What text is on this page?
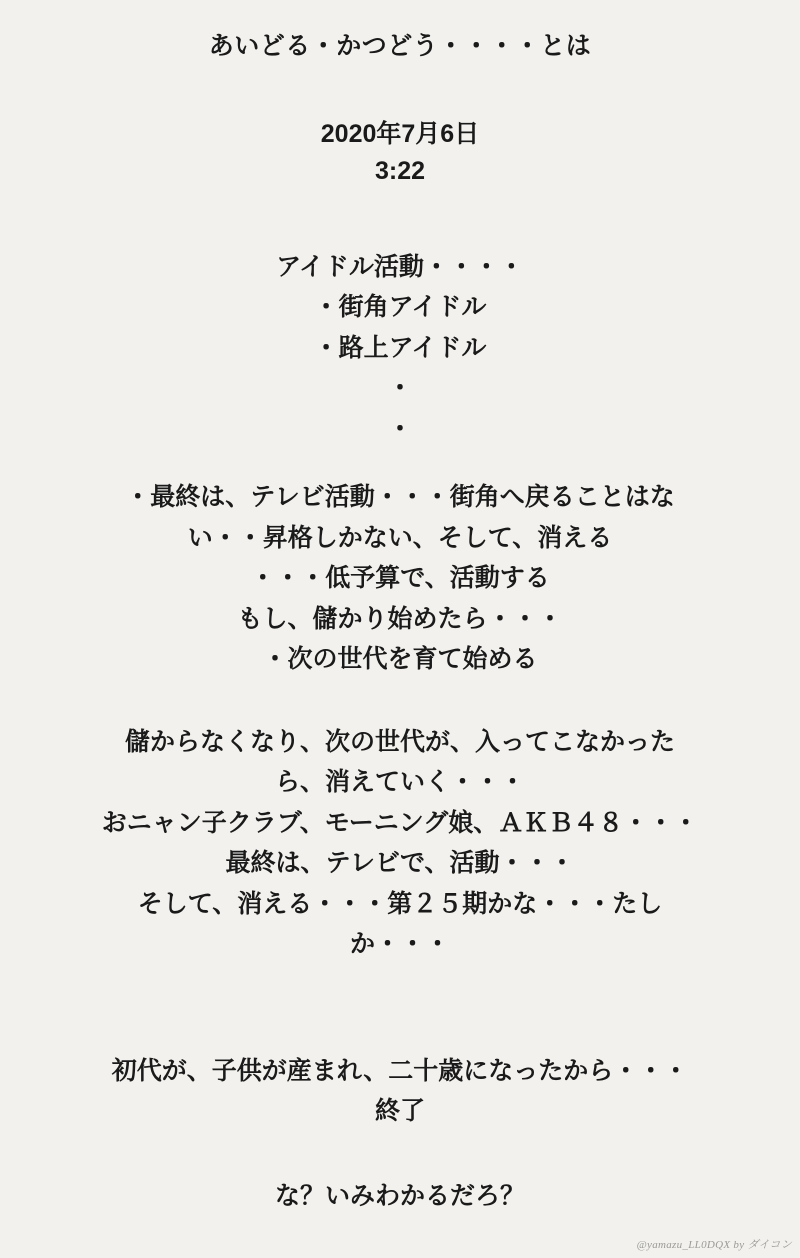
あいどる・かつどう・・・・とは
2020年7月6日
3:22

アイドル活動・・・・

・街角アイドル

・路上アイドル

・

・

・最終は、テレビ活動・・・街角へ戻ることはな

い・・昇格しかない、そして、消える

・・・低予算で、活動する

もし、儲かり始めたら・・・

・次の世代を育て始める

儲からなくなり、次の世代が、入ってこなかった

ら、消えていく・・・

おニャン子クラブ、モーニング娘、ＡＫＢ４８・・・

最終は、テレビで、活動・・・

そして、消える・・・第２５期かな・・・たし

か・・・

初代が、子供が産まれ、二十歳になったから・・・

終了

な？いみわかるだろ？

@yamazu_LL0DQX by ダイコン
